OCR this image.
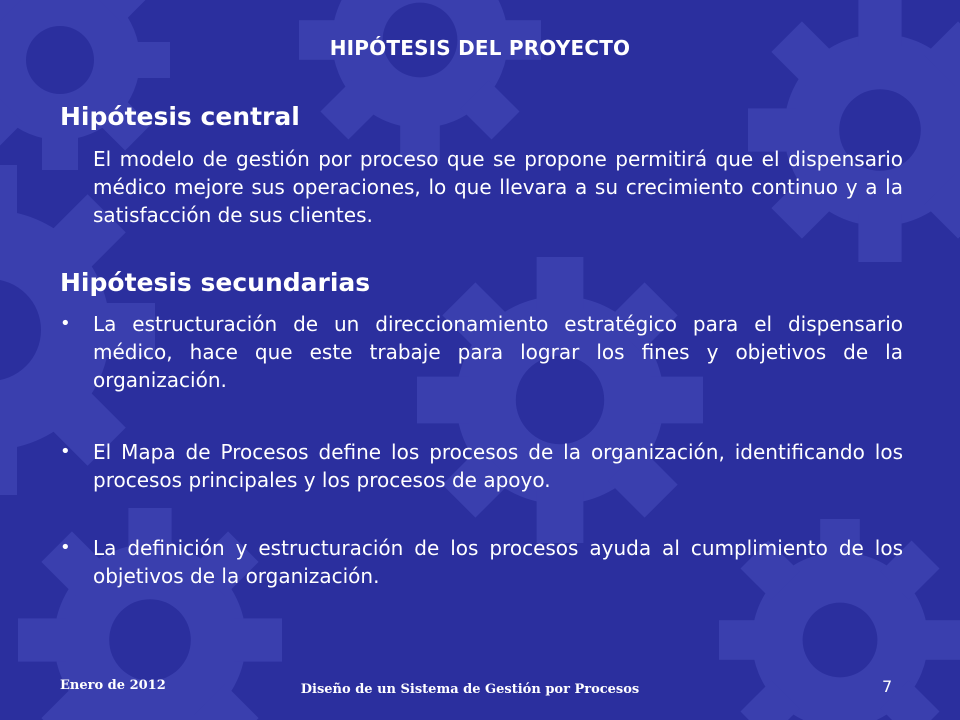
HIPÓTESIS DEL PROYECTO
Hipótesis central
El modelo de gestión por proceso que se propone permitirá que el dispensario médico mejore sus operaciones, lo que llevara a su crecimiento continuo y a la satisfacción de sus clientes.
Hipótesis secundarias
• La estructuración de un direccionamiento estratégico para el dispensario médico, hace que este trabaje para lograr los fines y objetivos de la organización.
• El Mapa de Procesos define los procesos de la organización, identificando los procesos principales y los procesos de apoyo.
• La definición y estructuración de los procesos ayuda al cumplimiento de los objetivos de la organización.
Enero de 2012	Diseño de un Sistema de Gestión por Procesos	7
